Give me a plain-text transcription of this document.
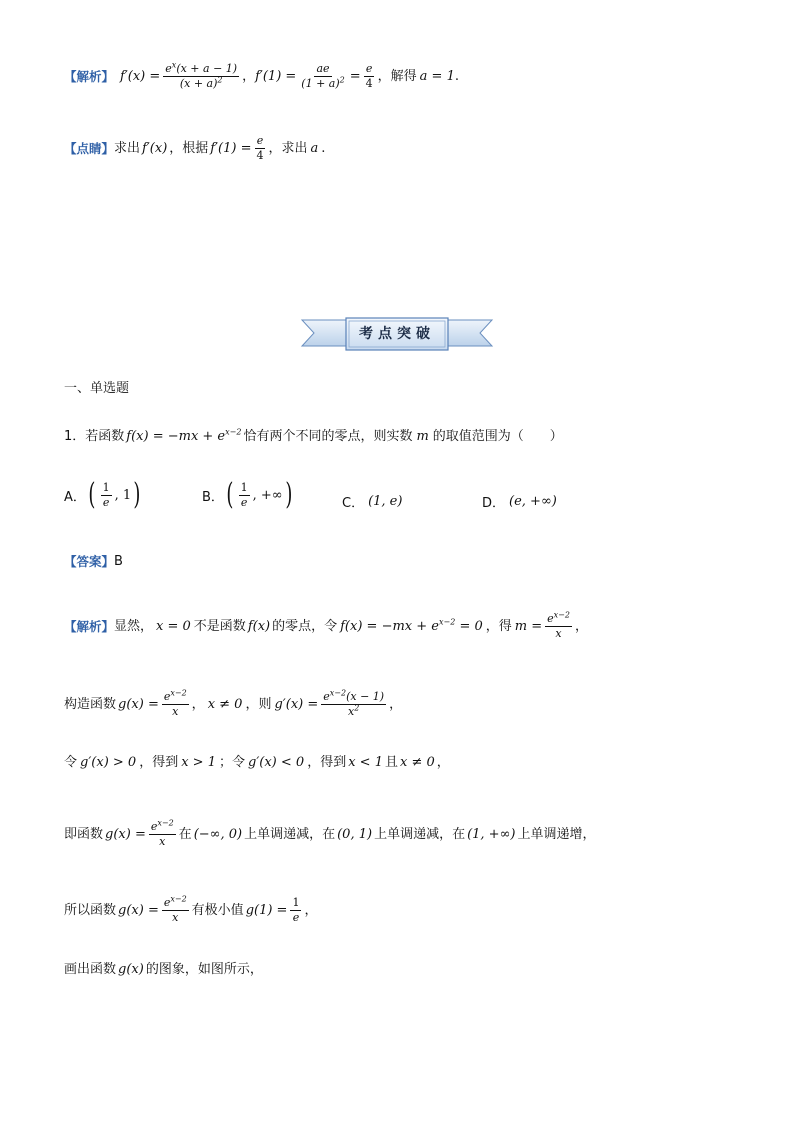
【解析】 $f'(x) = \frac{e^x(x + a - 1)}{(x + a)^2}$ ， $f'(1) = \frac{ae}{(1 + a)^2} = \frac{e}{4}$ ，解得 a = 1 .
【点睛】 求出 f′(x) ，根据 $f'(1) = \frac{e}{4}$ ，求出 a .
考点突破
一、单选题
1．若函数 $f(x) = -mx + e^{x-2}$ 恰有两个不同的零点，则实数 m 的取值范围为（　　）
A． ( $\frac{1}{e}$ , 1 )	B． ( $\frac{1}{e}$ , +∞ )	C． (1, e)	D． (e, +∞)
【答案】 B
【解析】 显然， x = 0 不是函数 f(x) 的零点，令 $f(x) = -mx + e^{x-2} = 0$ ，得 $m = \frac{e^{x-2}}{x}$ ，
构造函数 $g(x) = \frac{e^{x-2}}{x}$ ， x ≠ 0 ，则 $g'(x) = \frac{e^{x-2}(x - 1)}{x^2}$ ，
令 g′(x) > 0 ，得到 x > 1 ；令 g′(x) < 0 ，得到 x < 1 且 x ≠ 0 ，
即函数 $g(x) = \frac{e^{x-2}}{x}$ 在 (−∞, 0) 上单调递减，在 (0, 1) 上单调递减，在 (1, +∞) 上单调递增，
所以函数 $g(x) = \frac{e^{x-2}}{x}$ 有极小值 $g(1) = \frac{1}{e}$ ，
画出函数 g(x) 的图象，如图所示，
